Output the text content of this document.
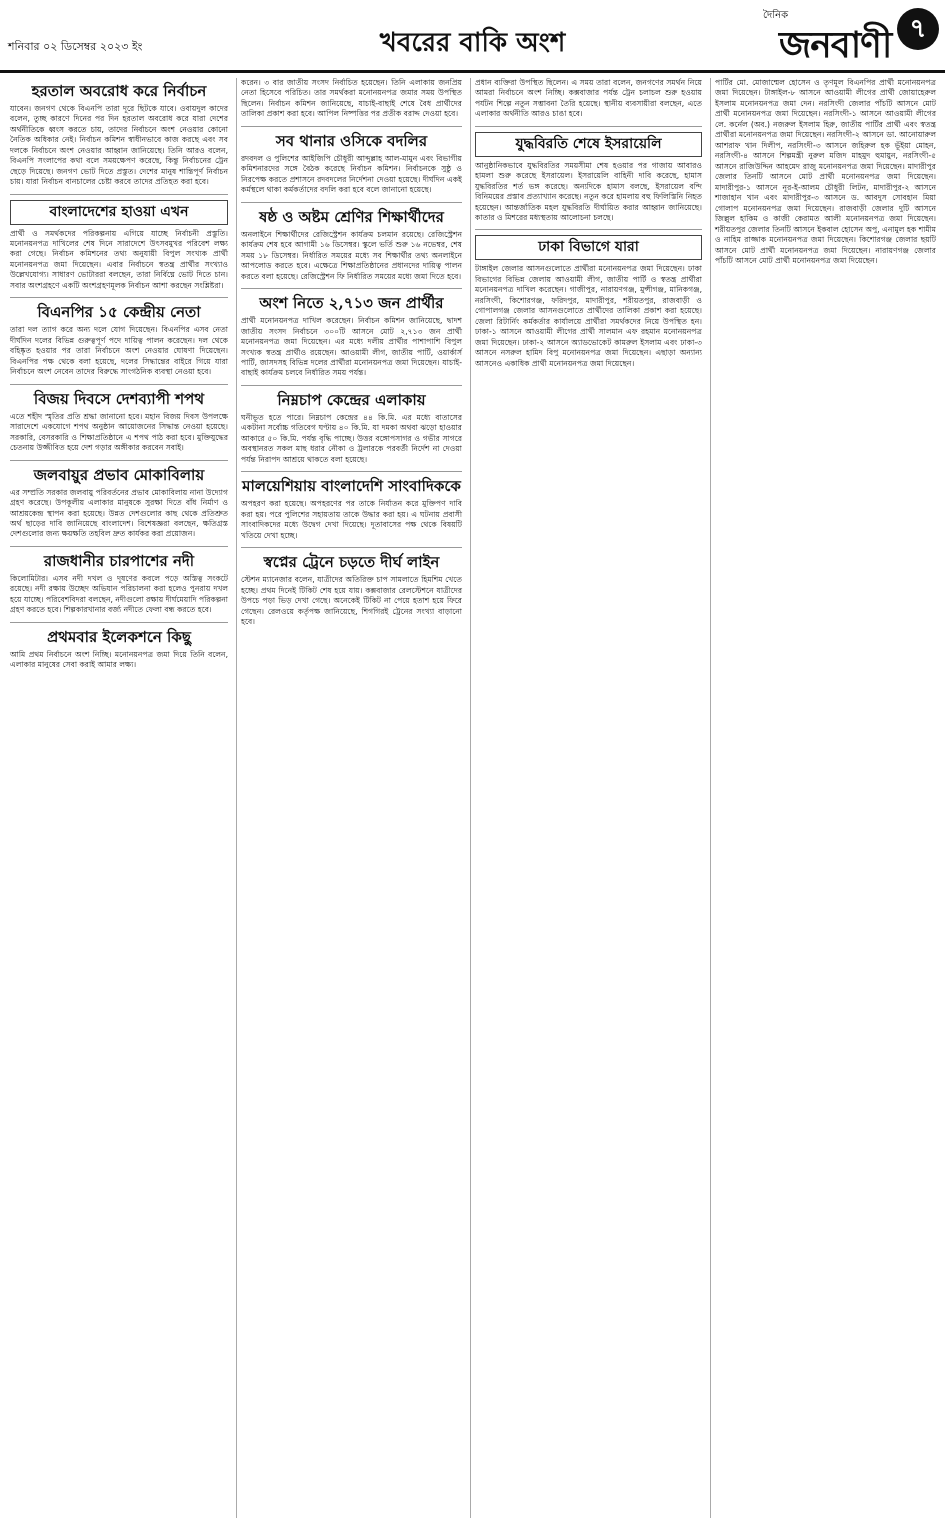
শনিবার ০২ ডিসেম্বর ২০২৩ ইং	খবরের বাকি অংশ
দৈনিক
জনবাণী ৭
হরতাল অবরোধ করে নির্বাচন

যাবেন। জনগণ থেকে বিএনপি তারা দূরে ছিটকে যাবে। ওবায়দুল কাদের বলেন, তুচ্ছ কারণে দিনের পর দিন হরতাল অবরোধ করে যারা দেশের অর্থনীতিকে ধ্বংস করতে চায়, তাদের নির্বাচনে অংশ নেওয়ার কোনো নৈতিক অধিকার নেই। নির্বাচন কমিশন স্বাধীনভাবে কাজ করছে এবং সব দলকে নির্বাচনে অংশ নেওয়ার আহ্বান জানিয়েছে। তিনি আরও বলেন, বিএনপি সংলাপের কথা বলে সময়ক্ষেপণ করেছে, কিন্তু নির্বাচনের ট্রেন ছেড়ে দিয়েছে। জনগণ ভোট দিতে প্রস্তুত। দেশের মানুষ শান্তিপূর্ণ নির্বাচন চায়। যারা নির্বাচন বানচালের চেষ্টা করবে তাদের প্রতিহত করা হবে।

বাংলাদেশের হাওয়া এখন

প্রার্থী ও সমর্থকদের পরিকল্পনায় এগিয়ে যাচ্ছে নির্বাচনী প্রস্তুতি। মনোনয়নপত্র দাখিলের শেষ দিনে সারাদেশে উৎসবমুখর পরিবেশ লক্ষ্য করা গেছে। নির্বাচন কমিশনের তথ্য অনুযায়ী বিপুল সংখ্যক প্রার্থী মনোনয়নপত্র জমা দিয়েছেন। এবার নির্বাচনে স্বতন্ত্র প্রার্থীর সংখ্যাও উল্লেখযোগ্য। সাধারণ ভোটাররা বলছেন, তারা নির্বিঘ্নে ভোট দিতে চান। সবার অংশগ্রহণে একটি অংশগ্রহণমূলক নির্বাচন আশা করছেন সংশ্লিষ্টরা।

বিএনপির ১৫ কেন্দ্রীয় নেতা

তারা দল ত্যাগ করে অন্য দলে যোগ দিয়েছেন। বিএনপির এসব নেতা দীর্ঘদিন দলের বিভিন্ন গুরুত্বপূর্ণ পদে দায়িত্ব পালন করেছেন। দল থেকে বহিষ্কৃত হওয়ার পর তারা নির্বাচনে অংশ নেওয়ার ঘোষণা দিয়েছেন। বিএনপির পক্ষ থেকে বলা হয়েছে, দলের সিদ্ধান্তের বাইরে গিয়ে যারা নির্বাচনে অংশ নেবেন তাদের বিরুদ্ধে সাংগঠনিক ব্যবস্থা নেওয়া হবে।

বিজয় দিবসে দেশব্যাপী শপথ

এতে শহীদ স্মৃতির প্রতি শ্রদ্ধা জানানো হবে। মহান বিজয় দিবস উপলক্ষে সারাদেশে একযোগে শপথ অনুষ্ঠান আয়োজনের সিদ্ধান্ত নেওয়া হয়েছে। সরকারি, বেসরকারি ও শিক্ষাপ্রতিষ্ঠানে এ শপথ পাঠ করা হবে। মুক্তিযুদ্ধের চেতনায় উজ্জীবিত হয়ে দেশ গড়ার অঙ্গীকার করবেন সবাই।

জলবায়ুর প্রভাব মোকাবিলায়

এর সম্প্রতি সরকার জলবায়ু পরিবর্তনের প্রভাব মোকাবিলায় নানা উদ্যোগ গ্রহণ করেছে। উপকূলীয় এলাকার মানুষকে সুরক্ষা দিতে বাঁধ নির্মাণ ও আশ্রয়কেন্দ্র স্থাপন করা হয়েছে। উন্নত দেশগুলোর কাছ থেকে প্রতিশ্রুত অর্থ ছাড়ের দাবি জানিয়েছে বাংলাদেশ। বিশেষজ্ঞরা বলছেন, ক্ষতিগ্রস্ত দেশগুলোর জন্য ক্ষয়ক্ষতি তহবিল দ্রুত কার্যকর করা প্রয়োজন।

রাজধানীর চারপাশের নদী

কিলোমিটার। এসব নদী দখল ও দূষণের কবলে পড়ে অস্তিত্ব সংকটে রয়েছে। নদী রক্ষায় উচ্ছেদ অভিযান পরিচালনা করা হলেও পুনরায় দখল হয়ে যাচ্ছে। পরিবেশবিদরা বলছেন, নদীগুলো রক্ষায় দীর্ঘমেয়াদি পরিকল্পনা গ্রহণ করতে হবে। শিল্পকারখানার বর্জ্য নদীতে ফেলা বন্ধ করতে হবে।

প্রথমবার ইলেকশনে কিছু

আমি প্রথম নির্বাচনে অংশ নিচ্ছি। মনোনয়নপত্র জমা দিয়ে তিনি বলেন, এলাকার মানুষের সেবা করাই আমার লক্ষ্য।

করেন। ৩ বার জাতীয় সংসদ নির্বাচিত হয়েছেন। তিনি এলাকায় জনপ্রিয় নেতা হিসেবে পরিচিত। তার সমর্থকরা মনোনয়নপত্র জমার সময় উপস্থিত ছিলেন। নির্বাচন কমিশন জানিয়েছে, যাচাই-বাছাই শেষে বৈধ প্রার্থীদের তালিকা প্রকাশ করা হবে। আপিল নিষ্পত্তির পর প্রতীক বরাদ্দ দেওয়া হবে।

সব থানার ওসিকে বদলির

রদবদল ও পুলিশের আইজিপি চৌধুরী আব্দুল্লাহ আল-মামুন এবং বিভাগীয় কমিশনারদের সঙ্গে বৈঠক করেছে নির্বাচন কমিশন। নির্বাচনকে সুষ্ঠু ও নিরপেক্ষ করতে প্রশাসনে রদবদলের নির্দেশনা দেওয়া হয়েছে। দীর্ঘদিন একই কর্মস্থলে থাকা কর্মকর্তাদের বদলি করা হবে বলে জানানো হয়েছে।

ষষ্ঠ ও অষ্টম শ্রেণির শিক্ষার্থীদের

অনলাইনে শিক্ষার্থীদের রেজিস্ট্রেশন কার্যক্রম চলমান রয়েছে। রেজিস্ট্রেশন কার্যক্রম শেষ হবে আগামী ১৬ ডিসেম্বর। স্কুলে ভর্তি শুরু ১৬ নভেম্বর, শেষ সময় ১৮ ডিসেম্বর। নির্ধারিত সময়ের মধ্যে সব শিক্ষার্থীর তথ্য অনলাইনে আপলোড করতে হবে। এক্ষেত্রে শিক্ষাপ্রতিষ্ঠানের প্রধানদের দায়িত্ব পালন করতে বলা হয়েছে। রেজিস্ট্রেশন ফি নির্ধারিত সময়ের মধ্যে জমা দিতে হবে।

অংশ নিতে ২,৭১৩ জন প্রার্থীর

প্রার্থী মনোনয়নপত্র দাখিল করেছেন। নির্বাচন কমিশন জানিয়েছে, দ্বাদশ জাতীয় সংসদ নির্বাচনে ৩০০টি আসনে মোট ২,৭১৩ জন প্রার্থী মনোনয়নপত্র জমা দিয়েছেন। এর মধ্যে দলীয় প্রার্থীর পাশাপাশি বিপুল সংখ্যক স্বতন্ত্র প্রার্থীও রয়েছেন। আওয়ামী লীগ, জাতীয় পার্টি, ওয়ার্কার্স পার্টি, জাসদসহ বিভিন্ন দলের প্রার্থীরা মনোনয়নপত্র জমা দিয়েছেন। যাচাই-বাছাই কার্যক্রম চলবে নির্ধারিত সময় পর্যন্ত।

নিম্নচাপ কেন্দ্রের এলাকায়

ঘনীভূত হতে পারে। নিম্নচাপ কেন্দ্রের ৪৪ কি.মি. এর মধ্যে বাতাসের একটানা সর্বোচ্চ গতিবেগ ঘণ্টায় ৪০ কি.মি. যা দমকা অথবা ঝড়ো হাওয়ার আকারে ৫০ কি.মি. পর্যন্ত বৃদ্ধি পাচ্ছে। উত্তর বঙ্গোপসাগর ও গভীর সাগরে অবস্থানরত সকল মাছ ধরার নৌকা ও ট্রলারকে পরবর্তী নির্দেশ না দেওয়া পর্যন্ত নিরাপদ আশ্রয়ে থাকতে বলা হয়েছে।

মালয়েশিয়ায় বাংলাদেশি সাংবাদিককে

অপহরণ করা হয়েছে। অপহরণের পর তাকে নির্যাতন করে মুক্তিপণ দাবি করা হয়। পরে পুলিশের সহায়তায় তাকে উদ্ধার করা হয়। এ ঘটনায় প্রবাসী সাংবাদিকদের মধ্যে উদ্বেগ দেখা দিয়েছে। দূতাবাসের পক্ষ থেকে বিষয়টি খতিয়ে দেখা হচ্ছে।

স্বপ্নের ট্রেনে চড়তে দীর্ঘ লাইন

স্টেশন ম্যানেজার বলেন, যাত্রীদের অতিরিক্ত চাপ সামলাতে হিমশিম খেতে হচ্ছে। প্রথম দিনেই টিকিট শেষ হয়ে যায়। কক্সবাজার রেলস্টেশনে যাত্রীদের উপচে পড়া ভিড় দেখা গেছে। অনেকেই টিকিট না পেয়ে হতাশ হয়ে ফিরে গেছেন। রেলওয়ে কর্তৃপক্ষ জানিয়েছে, শিগগিরই ট্রেনের সংখ্যা বাড়ানো হবে।

প্রধান ব্যক্তিরা উপস্থিত ছিলেন। এ সময় তারা বলেন, জনগণের সমর্থন নিয়ে আমরা নির্বাচনে অংশ নিচ্ছি। কক্সবাজার পর্যন্ত ট্রেন চলাচল শুরু হওয়ায় পর্যটন শিল্পে নতুন সম্ভাবনা তৈরি হয়েছে। স্থানীয় ব্যবসায়ীরা বলছেন, এতে এলাকার অর্থনীতি আরও চাঙা হবে।

যুদ্ধবিরতি শেষে ইসরায়েলি

আনুষ্ঠানিকভাবে যুদ্ধবিরতির সময়সীমা শেষ হওয়ার পর গাজায় আবারও হামলা শুরু করেছে ইসরায়েল। ইসরায়েলি বাহিনী দাবি করেছে, হামাস যুদ্ধবিরতির শর্ত ভঙ্গ করেছে। অন্যদিকে হামাস বলছে, ইসরায়েল বন্দি বিনিময়ের প্রস্তাব প্রত্যাখ্যান করেছে। নতুন করে হামলায় বহু ফিলিস্তিনি নিহত হয়েছেন। আন্তর্জাতিক মহল যুদ্ধবিরতি দীর্ঘায়িত করার আহ্বান জানিয়েছে। কাতার ও মিশরের মধ্যস্থতায় আলোচনা চলছে।

ঢাকা বিভাগে যারা

টাঙ্গাইল জেলার আসনগুলোতে প্রার্থীরা মনোনয়নপত্র জমা দিয়েছেন। ঢাকা বিভাগের বিভিন্ন জেলায় আওয়ামী লীগ, জাতীয় পার্টি ও স্বতন্ত্র প্রার্থীরা মনোনয়নপত্র দাখিল করেছেন। গাজীপুর, নারায়ণগঞ্জ, মুন্সীগঞ্জ, মানিকগঞ্জ, নরসিংদী, কিশোরগঞ্জ, ফরিদপুর, মাদারীপুর, শরীয়তপুর, রাজবাড়ী ও গোপালগঞ্জ জেলার আসনগুলোতে প্রার্থীদের তালিকা প্রকাশ করা হয়েছে। জেলা রিটার্নিং কর্মকর্তার কার্যালয়ে প্রার্থীরা সমর্থকদের নিয়ে উপস্থিত হন। ঢাকা-১ আসনে আওয়ামী লীগের প্রার্থী সালমান এফ রহমান মনোনয়নপত্র জমা দিয়েছেন। ঢাকা-২ আসনে অ্যাডভোকেট কামরুল ইসলাম এবং ঢাকা-৩ আসনে নসরুল হামিদ বিপু মনোনয়নপত্র জমা দিয়েছেন। এছাড়া অন্যান্য আসনেও একাধিক প্রার্থী মনোনয়নপত্র জমা দিয়েছেন।

পার্টির মো. মোজাম্মেল হোসেন ও তৃণমূল বিএনপির প্রার্থী মনোনয়নপত্র জমা দিয়েছেন। টাঙ্গাইল-৮ আসনে আওয়ামী লীগের প্রার্থী জোয়াহেরুল ইসলাম মনোনয়নপত্র জমা দেন। নরসিংদী জেলার পাঁচটি আসনে মোট প্রার্থী মনোনয়নপত্র জমা দিয়েছেন। নরসিংদী-১ আসনে আওয়ামী লীগের লে. কর্নেল (অব.) নজরুল ইসলাম হিরু, জাতীয় পার্টির প্রার্থী এবং স্বতন্ত্র প্রার্থীরা মনোনয়নপত্র জমা দিয়েছেন। নরসিংদী-২ আসনে ডা. আনোয়ারুল আশরাফ খান দিলীপ, নরসিংদী-৩ আসনে জহিরুল হক ভূঁইয়া মোহন, নরসিংদী-৪ আসনে শিল্পমন্ত্রী নুরুল মজিদ মাহমুদ হুমায়ুন, নরসিংদী-৫ আসনে রাজিউদ্দিন আহমেদ রাজু মনোনয়নপত্র জমা দিয়েছেন। মাদারীপুর জেলার তিনটি আসনে মোট প্রার্থী মনোনয়নপত্র জমা দিয়েছেন। মাদারীপুর-১ আসনে নূর-ই-আলম চৌধুরী লিটন, মাদারীপুর-২ আসনে শাজাহান খান এবং মাদারীপুর-৩ আসনে ড. আবদুস সোবহান মিয়া গোলাপ মনোনয়নপত্র জমা দিয়েছেন। রাজবাড়ী জেলার দুটি আসনে জিল্লুল হাকিম ও কাজী কেরামত আলী মনোনয়নপত্র জমা দিয়েছেন। শরীয়তপুর জেলার তিনটি আসনে ইকবাল হোসেন অপু, এনামুল হক শামীম ও নাহিম রাজ্জাক মনোনয়নপত্র জমা দিয়েছেন। কিশোরগঞ্জ জেলার ছয়টি আসনে মোট প্রার্থী মনোনয়নপত্র জমা দিয়েছেন। নারায়ণগঞ্জ জেলার পাঁচটি আসনে মোট প্রার্থী মনোনয়নপত্র জমা দিয়েছেন।
